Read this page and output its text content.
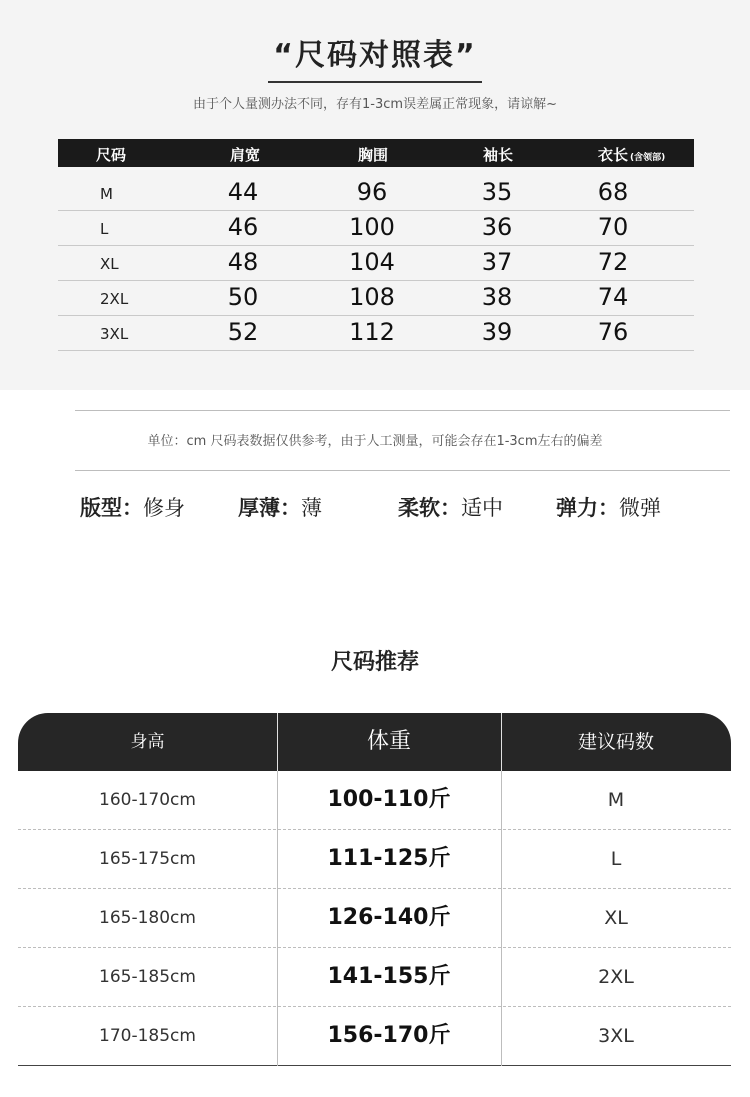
“尺码对照表”
由于个人量测办法不同，存有1-3cm误差属正常现象，请谅解~
尺码	肩宽	胸围	袖长	衣长 (含领部)
M	44	96	35	68
L	46	100	36	70
XL	48	104	37	72
2XL	50	108	38	74
3XL	52	112	39	76
单位：cm 尺码表数据仅供参考，由于人工测量，可能会存在1-3cm左右的偏差
版型：修身	厚薄：薄	柔软：适中	弹力：微弹
尺码推荐
身高	体重	建议码数
160-170cm	100-110斤	M
165-175cm	111-125斤	L
165-180cm	126-140斤	XL
165-185cm	141-155斤	2XL
170-185cm	156-170斤	3XL
